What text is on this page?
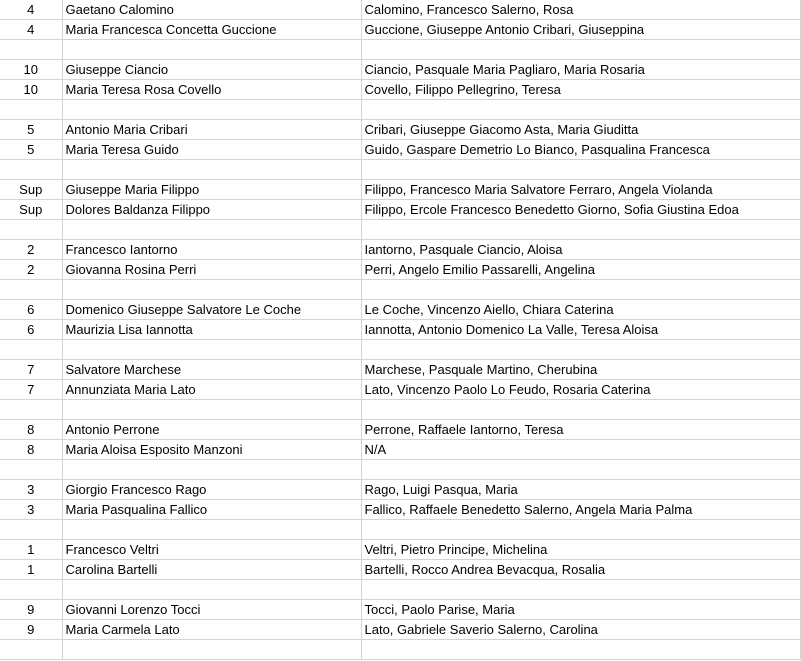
4	Gaetano Calomino	Calomino, Francesco Salerno, Rosa
4	Maria Francesca Concetta Guccione	Guccione, Giuseppe Antonio Cribari, Giuseppina

10	Giuseppe Ciancio	Ciancio, Pasquale Maria Pagliaro, Maria Rosaria
10	Maria Teresa Rosa Covello	Covello, Filippo Pellegrino, Teresa

5	Antonio Maria Cribari	Cribari, Giuseppe Giacomo Asta, Maria Giuditta
5	Maria Teresa Guido	Guido, Gaspare Demetrio Lo Bianco, Pasqualina Francesca

Sup	Giuseppe Maria Filippo	Filippo, Francesco Maria Salvatore Ferraro, Angela Violanda
Sup	Dolores Baldanza Filippo	Filippo, Ercole Francesco Benedetto Giorno, Sofia Giustina Edoa

2	Francesco Iantorno	Iantorno, Pasquale Ciancio, Aloisa
2	Giovanna Rosina Perri	Perri, Angelo Emilio Passarelli, Angelina

6	Domenico Giuseppe Salvatore Le Coche	Le Coche, Vincenzo Aiello, Chiara Caterina
6	Maurizia Lisa Iannotta	Iannotta, Antonio Domenico La Valle, Teresa Aloisa

7	Salvatore Marchese	Marchese, Pasquale Martino, Cherubina
7	Annunziata Maria Lato	Lato, Vincenzo Paolo Lo Feudo, Rosaria Caterina

8	Antonio Perrone	Perrone, Raffaele Iantorno, Teresa
8	Maria Aloisa Esposito Manzoni	N/A

3	Giorgio Francesco Rago	Rago, Luigi Pasqua, Maria
3	Maria Pasqualina Fallico	Fallico, Raffaele Benedetto Salerno, Angela Maria Palma

1	Francesco Veltri	Veltri, Pietro Principe, Michelina
1	Carolina Bartelli	Bartelli, Rocco Andrea Bevacqua, Rosalia

9	Giovanni Lorenzo Tocci	Tocci, Paolo Parise, Maria
9	Maria Carmela Lato	Lato, Gabriele Saverio Salerno, Carolina
